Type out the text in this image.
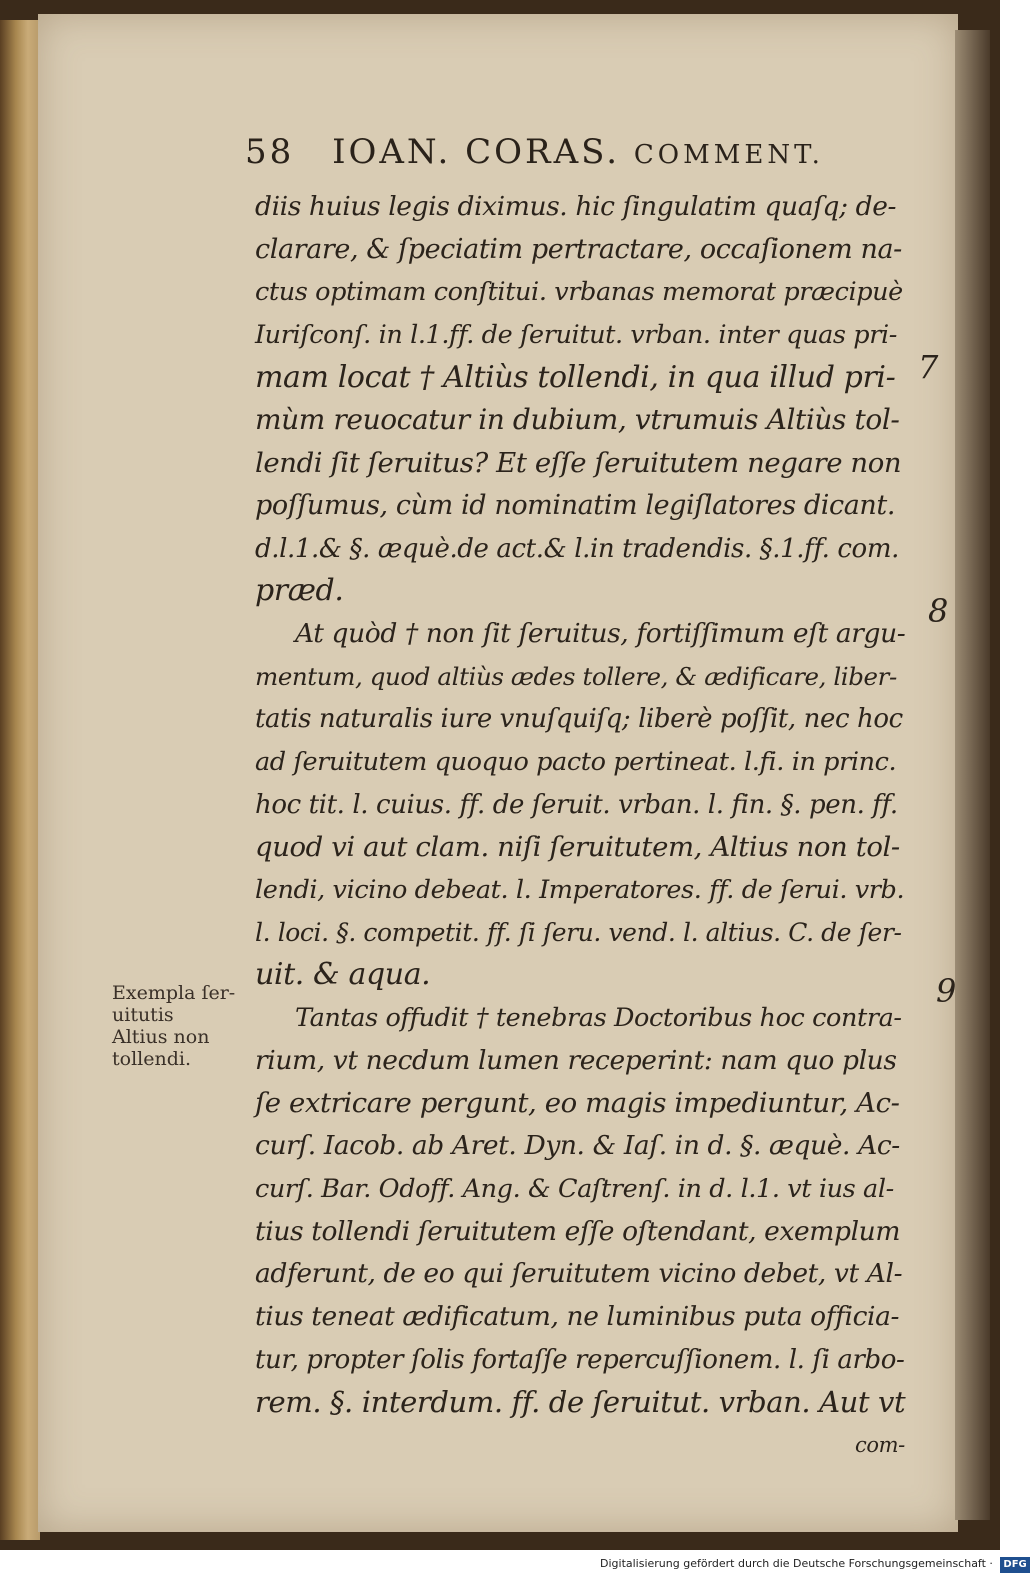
58 IOAN. CORAS. COMMENT.
diis huius legis diximus. hic ſingulatim quaſq; de-
clarare, & ſpeciatim pertractare, occaſionem na-
ctus optimam conſtitui. vrbanas memorat præcipuè
Iuriſconſ. in l.1.ff. de ſeruitut. vrban. inter quas pri-
mam locat † Altiùs tollendi, in qua illud pri-
mùm reuocatur in dubium, vtrumuis Altiùs tol-
lendi ſit ſeruitus? Et eſſe ſeruitutem negare non
poſſumus, cùm id nominatim legiſlatores dicant.
d.l.1.& §. æquè.de act.& l.in tradendis. §.1.ff. com.
præd.
At quòd † non ſit ſeruitus, fortiſſimum eſt argu-
mentum, quod altiùs ædes tollere, & ædificare, liber-
tatis naturalis iure vnuſquiſq; liberè poſſit, nec hoc
ad ſeruitutem quoquo pacto pertineat. l.fi. in princ.
hoc tit. l. cuius. ff. de ſeruit. vrban. l. fin. §. pen. ff.
quod vi aut clam. niſi ſeruitutem, Altius non tol-
lendi, vicino debeat. l. Imperatores. ff. de ſerui. vrb.
l. loci. §. competit. ff. ſi ſeru. vend. l. altius. C. de ſer-
uit. & aqua.
Tantas offudit † tenebras Doctoribus hoc contra-
rium, vt necdum lumen receperint: nam quo plus
ſe extricare pergunt, eo magis impediuntur, Ac-
curſ. Iacob. ab Aret. Dyn. & Iaſ. in d. §. æquè. Ac-
curſ. Bar. Odoff. Ang. & Caſtrenſ. in d. l.1. vt ius al-
tius tollendi ſeruitutem eſſe oſtendant, exemplum
adferunt, de eo qui ſeruitutem vicino debet, vt Al-
tius teneat ædificatum, ne luminibus puta officia-
tur, propter ſolis fortaſſe repercuſſionem. l. ſi arbo-
rem. §. interdum. ff. de ſeruitut. vrban. Aut vt
com-
7
8
9
Exempla ſer-
uitutis
Altius non
tollendi.
Digitalisierung gefördert durch die Deutsche Forschungsgemeinschaft · DFG
